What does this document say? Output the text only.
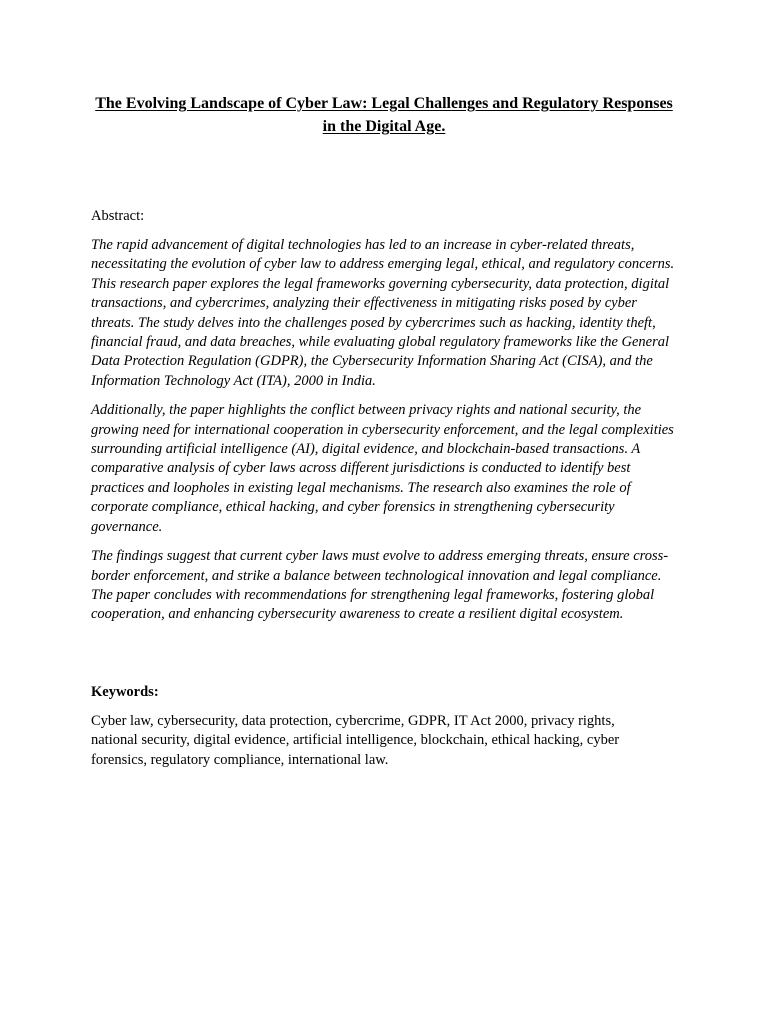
The Evolving Landscape of Cyber Law: Legal Challenges and Regulatory Responses in the Digital Age.

Abstract:

The rapid advancement of digital technologies has led to an increase in cyber-related threats, necessitating the evolution of cyber law to address emerging legal, ethical, and regulatory concerns. This research paper explores the legal frameworks governing cybersecurity, data protection, digital transactions, and cybercrimes, analyzing their effectiveness in mitigating risks posed by cyber threats. The study delves into the challenges posed by cybercrimes such as hacking, identity theft, financial fraud, and data breaches, while evaluating global regulatory frameworks like the General Data Protection Regulation (GDPR), the Cybersecurity Information Sharing Act (CISA), and the Information Technology Act (ITA), 2000 in India.

Additionally, the paper highlights the conflict between privacy rights and national security, the growing need for international cooperation in cybersecurity enforcement, and the legal complexities surrounding artificial intelligence (AI), digital evidence, and blockchain-based transactions. A comparative analysis of cyber laws across different jurisdictions is conducted to identify best practices and loopholes in existing legal mechanisms. The research also examines the role of corporate compliance, ethical hacking, and cyber forensics in strengthening cybersecurity governance.

The findings suggest that current cyber laws must evolve to address emerging threats, ensure cross-border enforcement, and strike a balance between technological innovation and legal compliance. The paper concludes with recommendations for strengthening legal frameworks, fostering global cooperation, and enhancing cybersecurity awareness to create a resilient digital ecosystem.

Keywords:

Cyber law, cybersecurity, data protection, cybercrime, GDPR, IT Act 2000, privacy rights, national security, digital evidence, artificial intelligence, blockchain, ethical hacking, cyber forensics, regulatory compliance, international law.
